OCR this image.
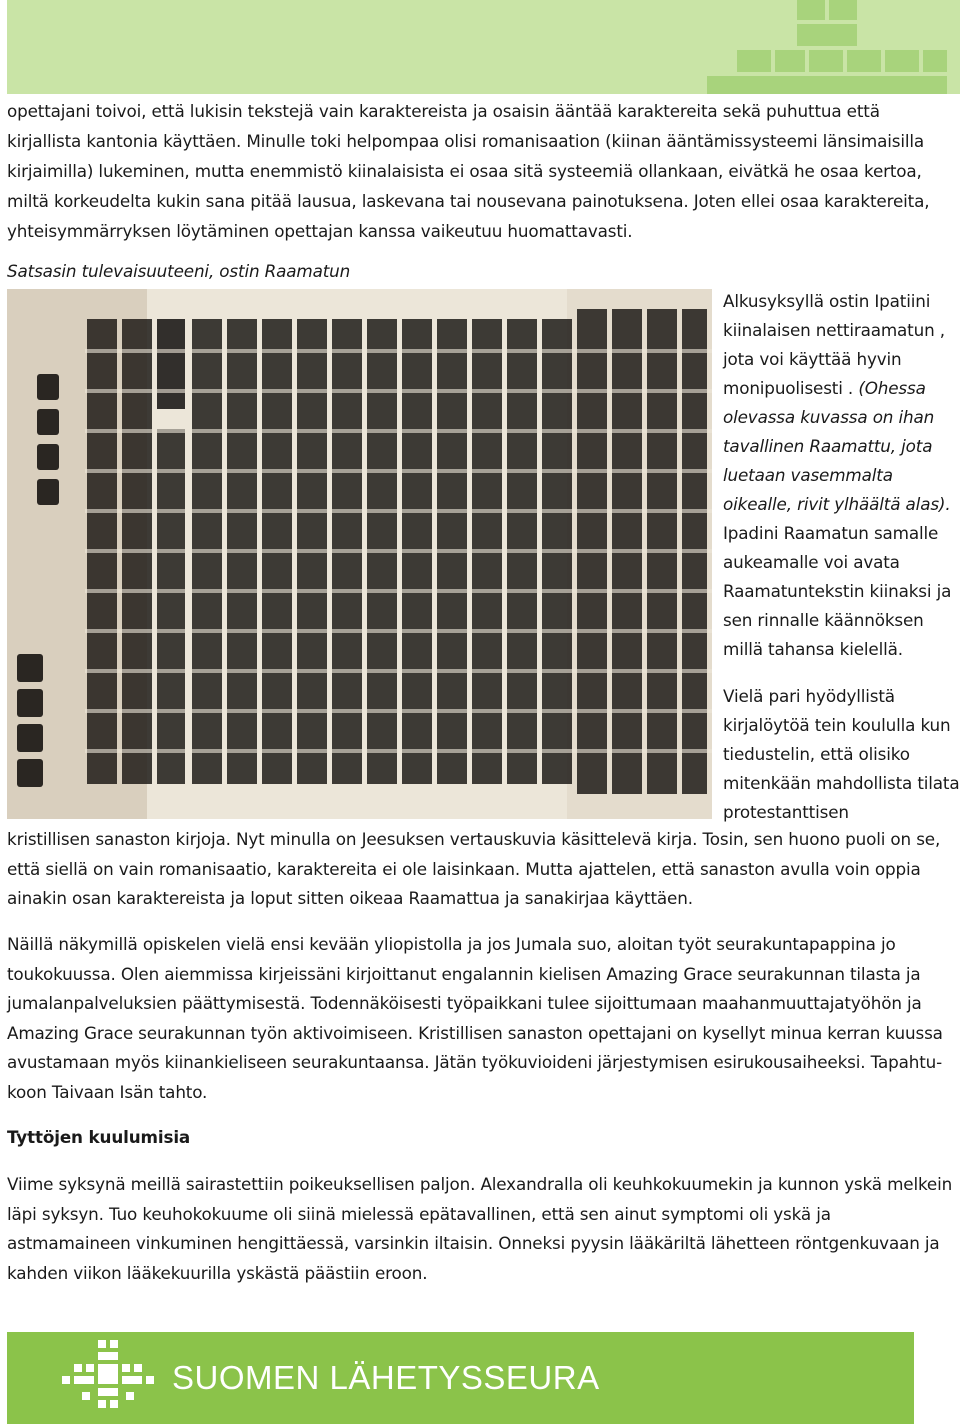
opettajani toivoi, että lukisin tekstejä vain karaktereista ja osaisin ääntää karaktereita sekä puhuttua että kirjallista kantonia käyttäen. Minulle toki helpompaa olisi romanisaation (kiinan ääntämissysteemi länsimaisilla kirjaimilla) lukeminen, mutta enemmistö kiinalaisista ei osaa sitä systeemiä ollankaan, eivätkä he osaa kertoa, miltä korkeudelta kukin sana pitää lausua, laskevana tai nousevana painotuksena. Joten ellei osaa karaktereita, yhteisymmärryksen löytäminen opettajan kanssa vaikeutuu huomattavasti.

Satsasin tulevaisuuteeni, ostin Raamatun

Alkusyksyllä ostin Ipatiini kiinalaisen nettiraamatun , jota voi käyttää hyvin monipuolisesti . (Ohessa olevassa kuvassa on ihan tavallinen Raamattu, jota luetaan vasemmalta oikealle, rivit ylhäältä alas). Ipadini Raamatun samalle aukeamalle voi avata Raamatuntekstin kiinaksi ja sen rinnalle käännöksen millä tahansa kielellä.

Vielä pari hyödyllistä kirjalöytöä tein koululla kun tiedustelin, että olisiko mitenkään mahdollista tilata protestanttisen

kristillisen sanaston kirjoja. Nyt minulla on Jeesuksen vertauskuvia käsittelevä kirja. Tosin, sen huono puoli on se, että siellä on vain romanisaatio, karaktereita ei ole laisinkaan. Mutta ajattelen, että sanaston avulla voin oppia ainakin osan karaktereista ja loput sitten oikeaa Raamattua ja sanakirjaa käyttäen.

Näillä näkymillä opiskelen vielä ensi kevään yliopistolla ja jos Jumala suo, aloitan työt seurakuntapappina jo toukokuussa. Olen aiemmissa kirjeissäni kirjoittanut engalannin kielisen Amazing Grace seurakunnan tilasta ja jumalanpalveluksien päättymisestä. Todennäköisesti työpaikkani tulee sijoittumaan maahanmuuttajatyöhön ja Amazing Grace seurakunnan työn aktivoimiseen. Kristillisen sanaston opettajani on kysellyt minua kerran kuussa avustamaan myös kiinankieliseen seurakuntaansa. Jätän työkuvioideni järjestymisen esirukousaiheeksi. Tapahtu-koon Taivaan Isän tahto.

Tyttöjen kuulumisia

Viime syksynä meillä sairastettiin poikeuksellisen paljon. Alexandralla oli keuhkokuumekin ja kunnon yskä melkein läpi syksyn. Tuo keuhokokuume oli siinä mielessä epätavallinen, että sen ainut symptomi oli yskä ja astmamaineen vinkuminen hengittäessä, varsinkin iltaisin. Onneksi pyysin lääkäriltä lähetteen röntgenkuvaan ja kahden viikon lääkekuurilla yskästä päästiin eroon.

SUOMEN LÄHETYSSEURA
